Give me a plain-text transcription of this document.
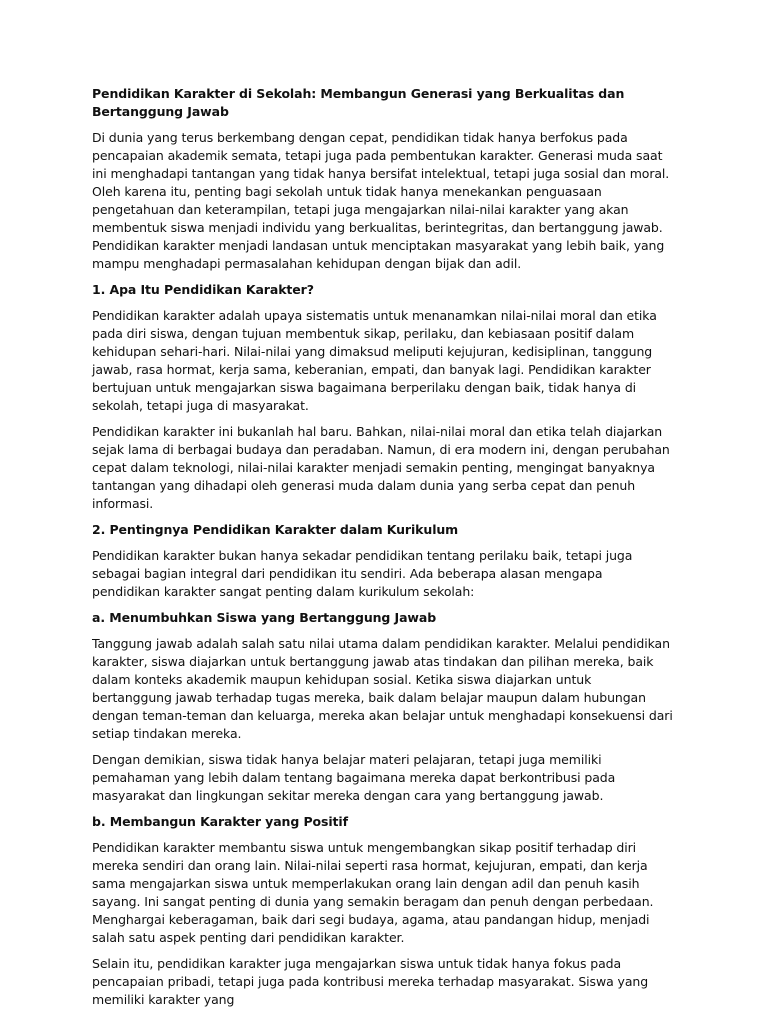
Pendidikan Karakter di Sekolah: Membangun Generasi yang Berkualitas dan Bertanggung Jawab

Di dunia yang terus berkembang dengan cepat, pendidikan tidak hanya berfokus pada pencapaian akademik semata, tetapi juga pada pembentukan karakter. Generasi muda saat ini menghadapi tantangan yang tidak hanya bersifat intelektual, tetapi juga sosial dan moral. Oleh karena itu, penting bagi sekolah untuk tidak hanya menekankan penguasaan pengetahuan dan keterampilan, tetapi juga mengajarkan nilai-nilai karakter yang akan membentuk siswa menjadi individu yang berkualitas, berintegritas, dan bertanggung jawab. Pendidikan karakter menjadi landasan untuk menciptakan masyarakat yang lebih baik, yang mampu menghadapi permasalahan kehidupan dengan bijak dan adil.

1. Apa Itu Pendidikan Karakter?

Pendidikan karakter adalah upaya sistematis untuk menanamkan nilai-nilai moral dan etika pada diri siswa, dengan tujuan membentuk sikap, perilaku, dan kebiasaan positif dalam kehidupan sehari-hari. Nilai-nilai yang dimaksud meliputi kejujuran, kedisiplinan, tanggung jawab, rasa hormat, kerja sama, keberanian, empati, dan banyak lagi. Pendidikan karakter bertujuan untuk mengajarkan siswa bagaimana berperilaku dengan baik, tidak hanya di sekolah, tetapi juga di masyarakat.

Pendidikan karakter ini bukanlah hal baru. Bahkan, nilai-nilai moral dan etika telah diajarkan sejak lama di berbagai budaya dan peradaban. Namun, di era modern ini, dengan perubahan cepat dalam teknologi, nilai-nilai karakter menjadi semakin penting, mengingat banyaknya tantangan yang dihadapi oleh generasi muda dalam dunia yang serba cepat dan penuh informasi.

2. Pentingnya Pendidikan Karakter dalam Kurikulum

Pendidikan karakter bukan hanya sekadar pendidikan tentang perilaku baik, tetapi juga sebagai bagian integral dari pendidikan itu sendiri. Ada beberapa alasan mengapa pendidikan karakter sangat penting dalam kurikulum sekolah:

a. Menumbuhkan Siswa yang Bertanggung Jawab

Tanggung jawab adalah salah satu nilai utama dalam pendidikan karakter. Melalui pendidikan karakter, siswa diajarkan untuk bertanggung jawab atas tindakan dan pilihan mereka, baik dalam konteks akademik maupun kehidupan sosial. Ketika siswa diajarkan untuk bertanggung jawab terhadap tugas mereka, baik dalam belajar maupun dalam hubungan dengan teman-teman dan keluarga, mereka akan belajar untuk menghadapi konsekuensi dari setiap tindakan mereka.

Dengan demikian, siswa tidak hanya belajar materi pelajaran, tetapi juga memiliki pemahaman yang lebih dalam tentang bagaimana mereka dapat berkontribusi pada masyarakat dan lingkungan sekitar mereka dengan cara yang bertanggung jawab.

b. Membangun Karakter yang Positif

Pendidikan karakter membantu siswa untuk mengembangkan sikap positif terhadap diri mereka sendiri dan orang lain. Nilai-nilai seperti rasa hormat, kejujuran, empati, dan kerja sama mengajarkan siswa untuk memperlakukan orang lain dengan adil dan penuh kasih sayang. Ini sangat penting di dunia yang semakin beragam dan penuh dengan perbedaan. Menghargai keberagaman, baik dari segi budaya, agama, atau pandangan hidup, menjadi salah satu aspek penting dari pendidikan karakter.

Selain itu, pendidikan karakter juga mengajarkan siswa untuk tidak hanya fokus pada pencapaian pribadi, tetapi juga pada kontribusi mereka terhadap masyarakat. Siswa yang memiliki karakter yang
